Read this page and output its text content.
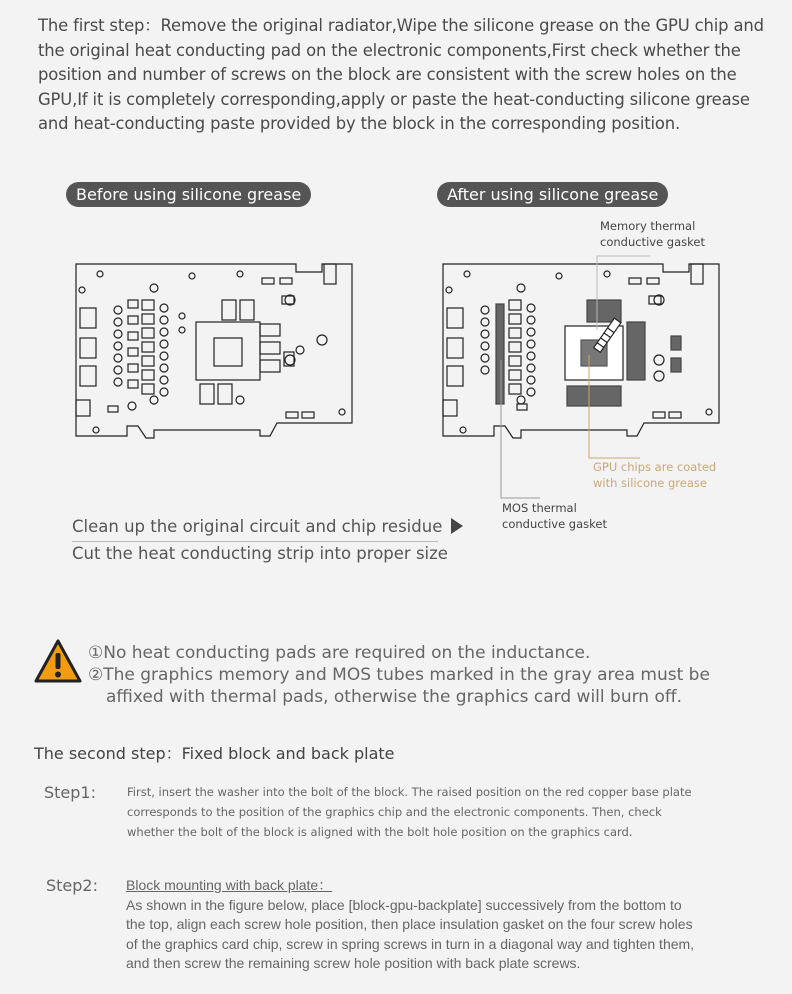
The first step：Remove the original radiator,Wipe the silicone grease on the GPU chip and the original heat conducting pad on the electronic components,First check whether the position and number of screws on the block are consistent with the screw holes on the GPU,If it is completely corresponding,apply or paste the heat-conducting silicone grease and heat-conducting paste provided by the block in the corresponding position.
Before using silicone grease	After using silicone grease
Memory thermal
conductive gasket
GPU chips are coated
with silicone grease
MOS thermal
conductive gasket
Clean up the original circuit and chip residue
Cut the heat conducting strip into proper size
①No heat conducting pads are required on the inductance.
②The graphics memory and MOS tubes marked in the gray area must be
affixed with thermal pads, otherwise the graphics card will burn off.
The second step：Fixed block and back plate
Step1:	First, insert the washer into the bolt of the block. The raised position on the red copper base plate
corresponds to the position of the graphics chip and the electronic components. Then, check
whether the bolt of the block is aligned with the bolt hole position on the graphics card.
Step2: Block mounting with back plate：
As shown in the figure below, place [block-gpu-backplate] successively from the bottom to
the top, align each screw hole position, then place insulation gasket on the four screw holes
of the graphics card chip, screw in spring screws in turn in a diagonal way and tighten them,
and then screw the remaining screw hole position with back plate screws.
